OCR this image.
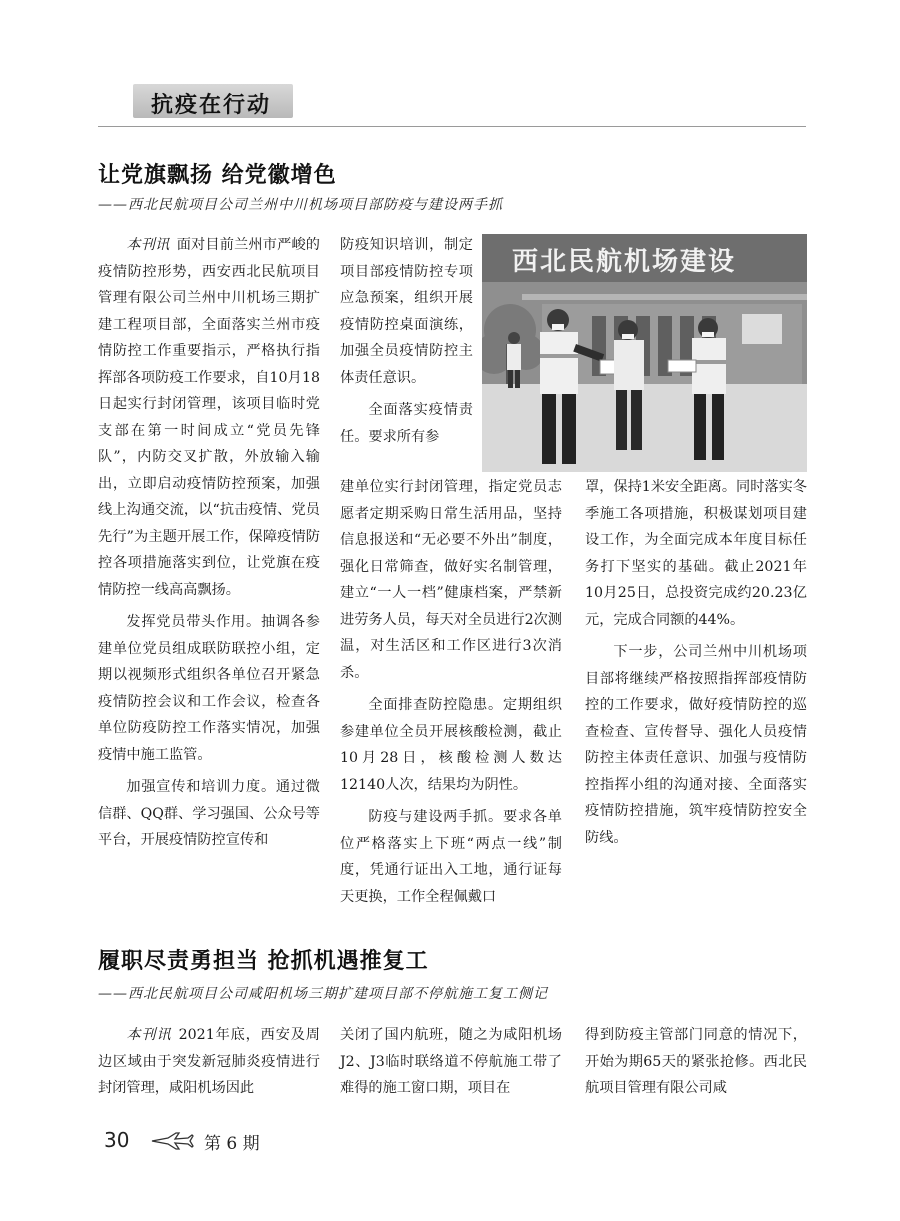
抗疫在行动
让党旗飘扬 给党徽增色
——西北民航项目公司兰州中川机场项目部防疫与建设两手抓

本刊讯  面对目前兰州市严峻的疫情防控形势，西安西北民航项目管理有限公司兰州中川机场三期扩建工程项目部，全面落实兰州市疫情防控工作重要指示，严格执行指挥部各项防疫工作要求，自10月18日起实行封闭管理，该项目临时党支部在第一时间成立“党员先锋队”，内防交叉扩散，外放输入输出，立即启动疫情防控预案，加强线上沟通交流，以“抗击疫情、党员先行”为主题开展工作，保障疫情防控各项措施落实到位，让党旗在疫情防控一线高高飘扬。

发挥党员带头作用。抽调各参建单位党员组成联防联控小组，定期以视频形式组织各单位召开紧急疫情防控会议和工作会议，检查各单位防疫防控工作落实情况，加强疫情中施工监管。

加强宣传和培训力度。通过微信群、QQ群、学习强国、公众号等平台，开展疫情防控宣传和

防疫知识培训，制定项目部疫情防控专项应急预案，组织开展疫情防控桌面演练，加强全员疫情防控主体责任意识。

全面落实疫情责任。要求所有参

建单位实行封闭管理，指定党员志愿者定期采购日常生活用品，坚持信息报送和“无必要不外出”制度，强化日常筛查，做好实名制管理，建立“一人一档”健康档案，严禁新进劳务人员，每天对全员进行2次测温，对生活区和工作区进行3次消杀。

全面排查防控隐患。定期组织参建单位全员开展核酸检测，截止10月28日，核酸检测人数达12140人次，结果均为阴性。

防疫与建设两手抓。要求各单位严格落实上下班“两点一线”制度，凭通行证出入工地，通行证每天更换，工作全程佩戴口

罩，保持1米安全距离。同时落实冬季施工各项措施，积极谋划项目建设工作，为全面完成本年度目标任务打下坚实的基础。截止2021年10月25日，总投资完成约20.23亿元，完成合同额的44%。

下一步，公司兰州中川机场项目部将继续严格按照指挥部疫情防控的工作要求，做好疫情防控的巡查检查、宣传督导、强化人员疫情防控主体责任意识、加强与疫情防控指挥小组的沟通对接、全面落实疫情防控措施，筑牢疫情防控安全防线。

西北民航机场建设
履职尽责勇担当 抢抓机遇推复工
——西北民航项目公司咸阳机场三期扩建项目部不停航施工复工侧记

本刊讯  2021年底，西安及周边区域由于突发新冠肺炎疫情进行封闭管理，咸阳机场因此

关闭了国内航班，随之为咸阳机场J2、J3临时联络道不停航施工带了难得的施工窗口期，项目在

得到防疫主管部门同意的情况下，开始为期65天的紧张抢修。西北民航项目管理有限公司咸

30	第 6 期
